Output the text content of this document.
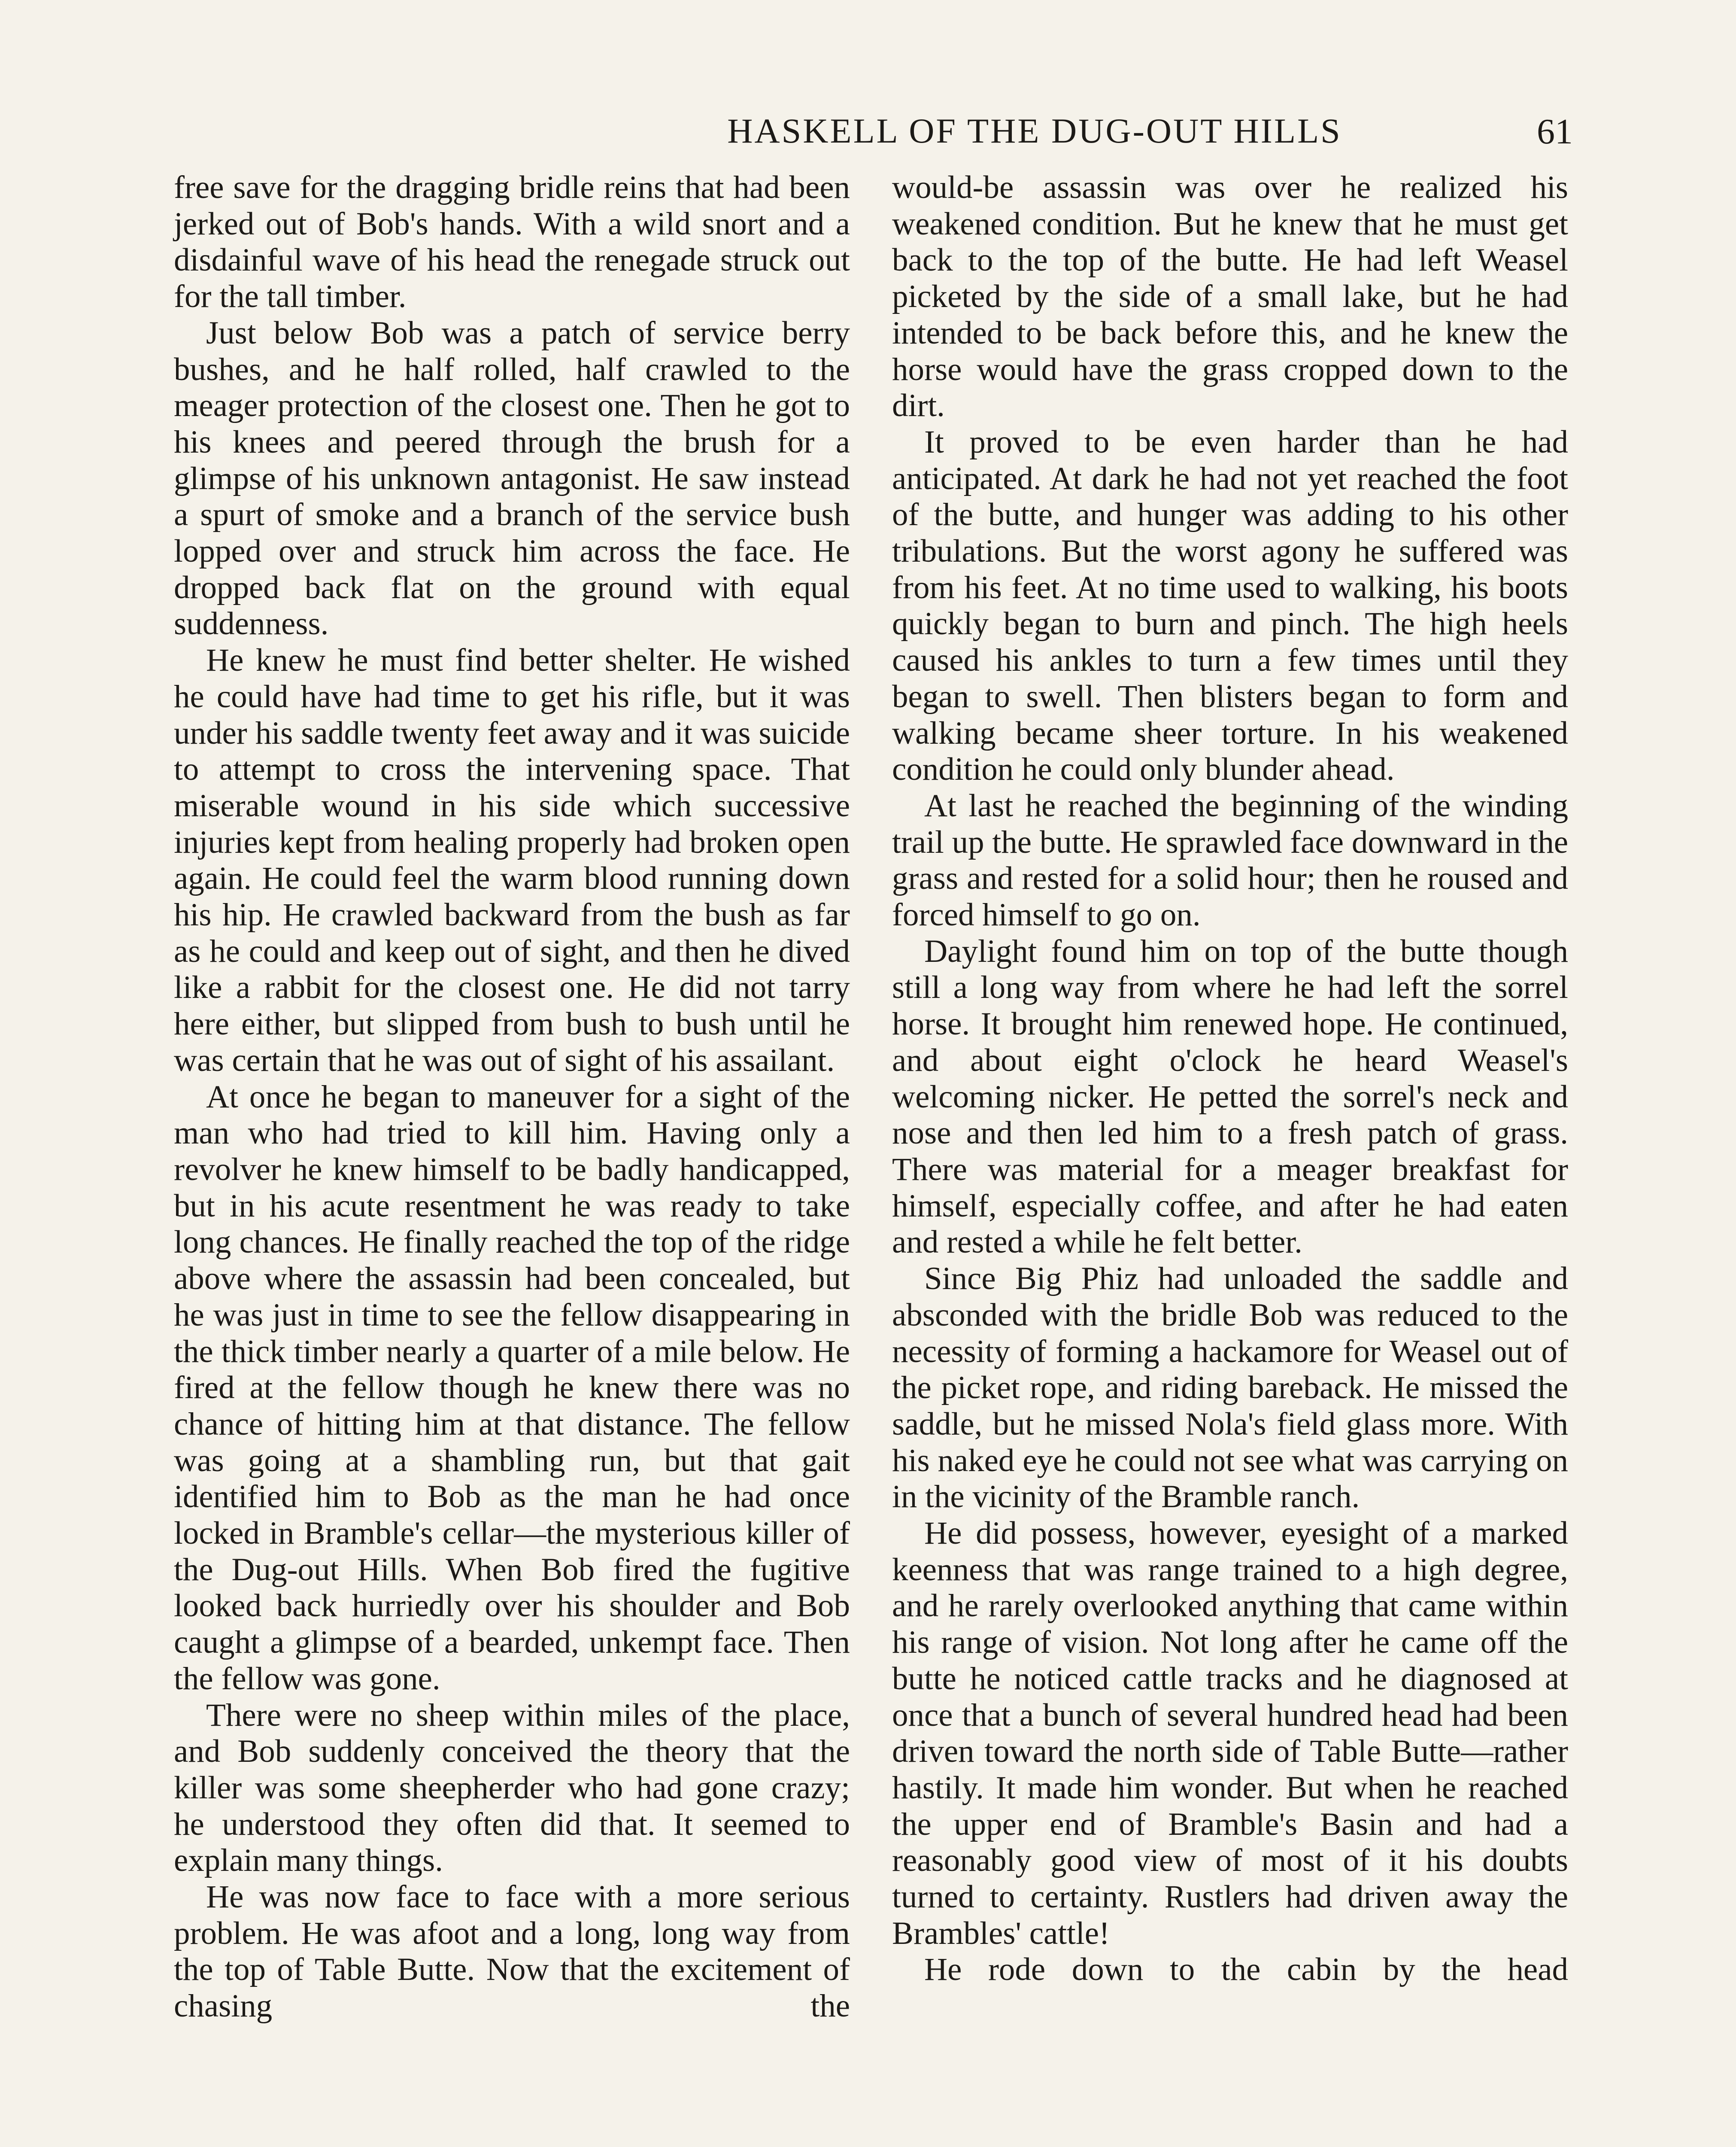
HASKELL OF THE DUG-OUT HILLS	61

free save for the dragging bridle reins that had been jerked out of Bob's hands. With a wild snort and a disdainful wave of his head the renegade struck out for the tall timber.

Just below Bob was a patch of service berry bushes, and he half rolled, half crawled to the meager protection of the closest one. Then he got to his knees and peered through the brush for a glimpse of his unknown antagonist. He saw instead a spurt of smoke and a branch of the service bush lopped over and struck him across the face. He dropped back flat on the ground with equal suddenness.

He knew he must find better shelter. He wished he could have had time to get his rifle, but it was under his saddle twenty feet away and it was suicide to attempt to cross the intervening space. That miserable wound in his side which successive injuries kept from healing properly had broken open again. He could feel the warm blood running down his hip. He crawled backward from the bush as far as he could and keep out of sight, and then he dived like a rabbit for the closest one. He did not tarry here either, but slipped from bush to bush until he was certain that he was out of sight of his assailant.

At once he began to maneuver for a sight of the man who had tried to kill him. Having only a revolver he knew himself to be badly handicapped, but in his acute resentment he was ready to take long chances. He finally reached the top of the ridge above where the assassin had been concealed, but he was just in time to see the fellow disappearing in the thick timber nearly a quarter of a mile below. He fired at the fellow though he knew there was no chance of hitting him at that distance. The fellow was going at a shambling run, but that gait identified him to Bob as the man he had once locked in Bramble's cellar—the mysterious killer of the Dug-out Hills. When Bob fired the fugitive looked back hurriedly over his shoulder and Bob caught a glimpse of a bearded, unkempt face. Then the fellow was gone.

There were no sheep within miles of the place, and Bob suddenly conceived the theory that the killer was some sheepherder who had gone crazy; he understood they often did that. It seemed to explain many things.

He was now face to face with a more serious problem. He was afoot and a long, long way from the top of Table Butte. Now that the excitement of chasing the

would-be assassin was over he realized his weakened condition. But he knew that he must get back to the top of the butte. He had left Weasel picketed by the side of a small lake, but he had intended to be back before this, and he knew the horse would have the grass cropped down to the dirt.

It proved to be even harder than he had anticipated. At dark he had not yet reached the foot of the butte, and hunger was adding to his other tribulations. But the worst agony he suffered was from his feet. At no time used to walking, his boots quickly began to burn and pinch. The high heels caused his ankles to turn a few times until they began to swell. Then blisters began to form and walking became sheer torture. In his weakened condition he could only blunder ahead.

At last he reached the beginning of the winding trail up the butte. He sprawled face downward in the grass and rested for a solid hour; then he roused and forced himself to go on.

Daylight found him on top of the butte though still a long way from where he had left the sorrel horse. It brought him renewed hope. He continued, and about eight o'clock he heard Weasel's welcoming nicker. He petted the sorrel's neck and nose and then led him to a fresh patch of grass. There was material for a meager breakfast for himself, especially coffee, and after he had eaten and rested a while he felt better.

Since Big Phiz had unloaded the saddle and absconded with the bridle Bob was reduced to the necessity of forming a hackamore for Weasel out of the picket rope, and riding bareback. He missed the saddle, but he missed Nola's field glass more. With his naked eye he could not see what was carrying on in the vicinity of the Bramble ranch.

He did possess, however, eyesight of a marked keenness that was range trained to a high degree, and he rarely overlooked anything that came within his range of vision. Not long after he came off the butte he noticed cattle tracks and he diagnosed at once that a bunch of several hundred head had been driven toward the north side of Table Butte—rather hastily. It made him wonder. But when he reached the upper end of Bramble's Basin and had a reasonably good view of most of it his doubts turned to certainty. Rustlers had driven away the Brambles' cattle!

He rode down to the cabin by the head
